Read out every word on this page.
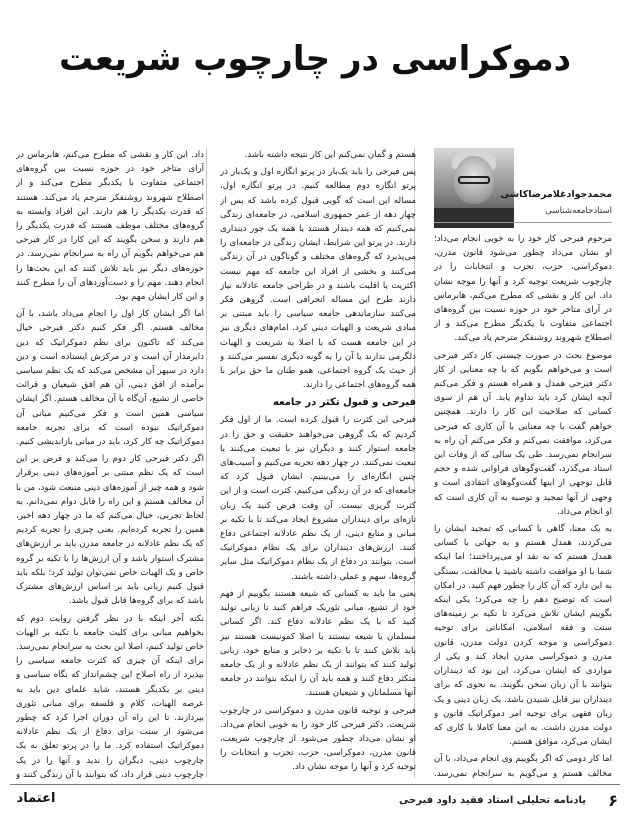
دموکراسی در چارچوب شریعت
محمدجوادغلامرضاکاشی
استادجامعه‌شناسی

مرحوم فیرحی کار خود را به خوبی انجام می‌داد؛ او نشان می‌داد چطور می‌شود قانون مدرن، دموکراسی، حزب، تحزب و انتخابات را در چارچوب شریعت توجیه کرد و آنها را موجه نشان داد. این کار و نقشی که مطرح می‌کنم، هابرماس در آرای متاخر خود در حوزه نسبت بین گروه‌های اجتماعی متفاوت با یکدیگر مطرح می‌کند و از اصطلاح شهروند روشنفکر مترجم یاد می‌کند.

موضوع بحث در صورت چیستی کار دکتر فیرحی است و می‌خواهم بگویم که با چه معنایی از کار دکتر فیرحی همدل و همراه هستم و فکر می‌کنم آنچه ایشان کرد باید تداوم یابد. آن هم از سوی کسانی که صلاحیت این کار را دارند. همچنین خواهم گفت با چه معنایی با آن کاری که فیرحی می‌کرد، موافقت نمی‌کنم و فکر می‌کنم آن راه به سرانجام نمی‌رسد. طی یک سالی که از وفات این استاد می‌گذرد، گفت‌وگوهای فراوانی شده و حجم قابل توجهی از اینها گفت‌وگوهای انتقادی است و وجهی از آنها تمجید و توصیه به آن کاری است که او انجام می‌داد.

به یک معنا، گاهی با کسانی که تمجید ایشان را می‌کردند، همدل هستم و به جهاتی با کسانی همدل هستم که به نقد او می‌پرداختند؛ اما اینکه شما با او موافقت داشته باشید یا مخالفت، بستگی به این دارد که آن کار را چطور فهم کنید. در امکان است که توضیح دهم را چه می‌کرد؛ یکی اینکه بگوییم ایشان تلاش می‌کرد تا تکیه بر زمینه‌های سنت و فقه اسلامی، امکاناتی برای توجیه دموکراسی و موجه کردن دولت مدرن، قانون مدرن و دموکراسی مدرن ایجاد کند و یکی از مواردی که ایشان می‌کرد، این بود که دینداران بتوانند با آن زبان سخن بگویند. به نحوی که برای دینداران نیز قابل شنیدن باشد. یک زبان دینی و یک زبان فقهی برای توجیه امر دموکراتیک قانون و دولت مدرن داشت. به این معنا کاملا با کاری که ایشان می‌کرد، موافق هستم.

اما کار دومی که اگر بگوییم وی انجام می‌داد، با آن مخالف هستم و می‌گویم به سرانجام نمی‌رسد.

هستم و گمان نمی‌کنم این کار نتیجه داشته باشد.

پس فیرحی را باید یک‌بار در پرتو انگاره اول و یک‌بار در پرتو انگاره دوم مطالعه کنیم. در پرتو انگاره اول، مساله این است که گویی قبول کرده باشد که پس از چهار دهه از عمر جمهوری اسلامی، در جامعه‌ای زندگی نمی‌کنیم که همه دیندار هستند یا همه یک جور دینداری دارند. در پرتو این شرایط، ایشان زندگی در جامعه‌ای را می‌پذیرد که گروه‌های مختلف و گوناگون در آن زندگی می‌کنند و بخشی از افراد این جامعه که مهم نیست اکثریت یا اقلیت باشند و در طراحی جامعه عادلانه نیاز دارند طرح این مساله انحرافی است. گروهی فکر می‌کنند سازماندهی جامعه سیاسی را باید مبتنی بر مبادی شریعت و الهیات دینی کرد. امام‌های دیگری نیز در این جامعه هست که با اصلا به شریعت و الهیات دلگرمی ندارند یا آن را به گونه دیگری تفسیر می‌کنند و از حیث یک گروه اجتماعی، همو طنان ما حق برابر با همه گروه‌های اجتماعی را دارند.

فیرحی و قبول تکثر در جامعه

فیرحی این کثرت را قبول کرده است. ما از اول فکر کردیم که یک گروهی می‌خواهند حقیقت و حق را در جامعه استوار کنند و دیگران نیز با تبعیت می‌کنند یا تبعیت نمی‌کنند. در چهار دهه تجربه می‌کنیم و آسیب‌های چنین انگاره‌ای را می‌بینیم. ایشان قبول کرد که جامعه‌ای که در آن زندگی می‌کنیم، کثرت است و از این کثرت گریزی نیست. آن وقت فرض کنید یک زبان تازه‌ای برای دینداران مشروع ایجاد می‌کند تا با تکیه بر مبانی و منابع دینی، از یک نظم عادلانه اجتماعی دفاع کنند. ارزش‌های دینداران برای یک نظام دموکراتیک است. بتوانند در دفاع از یک نظام دموکراتیک مثل سایر گروه‌ها، سهم و عملی داشته باشند.

یعنی ما باید به کسانی که شیعه هستند بگوییم از فهم خود از تشیع، مبانی تئوریک فراهم کنید تا زبانی تولید کنید که با یک نظم عادلانه دفاع کند. اگر کسانی مسلمان یا شیعه نیستند یا اصلا کمونیست هستند نیز باید تلاش کنند تا با تکیه بر ذخایر و منابع خود، زبانی تولید کنند که بتوانند از یک نظم عادلانه و از یک جامعه متکثر دفاع کنند و همه باید آن را اینکه بتوانند در جامعه آنها مسلمانان و شیعیان هستند.

فیرحی و توجیه قانون مدرن و دموکراسی در چارچوب شریعت. دکتر فیرحی کار خود را به خوبی انجام می‌داد. او نشان می‌داد چطور می‌شود از چارچوب شریعت، قانون مدرن، دموکراسی، حزب، تحزب و انتخابات را توجیه کرد و آنها را موجه نشان داد.

داد. این کار و نقشی که مطرح می‌کنم، هابرماس در آرای متاخر خود در حوزه نسبت بین گروه‌های اجتماعی متفاوت با یکدیگر مطرح می‌کند و از اصطلاح شهروند روشنفکر مترجم یاد می‌کند. هستند که قدرت یکدیگر را هم دارند. این افراد وابسته به گروه‌های مختلف موظف هستند که قدرت یکدیگر را هم دارند و سخن بگویند که این کارا در کار فیرحی هم می‌خواهم بگویم آن راه به سرانجام نمی‌رسد. در حوزه‌های دیگر نیز باید تلاش کنند که این بحث‌ها را انجام دهند. مهم را و دست‌آوردهای آن را مطرح کنند و این کار ایشان مهم بود.

اما اگر ایشان کار اول را انجام می‌داد باشد، با آن مخالف هستم. اگر فکر کنیم دکتر فیرحی خیال می‌کند که تاکنون برای نظم دموکراتیک که دین دایرمدار آن است و در مرکزش ایستاده است و دین دارد در سپهر آن مشخص می‌کند که یک نظم سیاسی برآمده از افق دینی، آن هم افق شیعیان و قرائت خاصی از تشیع، آن‌گاه با آن مخالف هستم. اگر ایشان سیاسی همین است و فکر می‌کنیم مبانی آن دموکراتیک نبوده است که برای تجربه جامعه دموکراتیک چه کار کرد، باید در مبانی بازاندیشی کنیم.

اگر دکتر فیرحی کار دوم را می‌کند و فرض بر این است که یک نظم مبتنی بر آموزه‌های دینی برقرار شود و همه چیز از آموزه‌های دینی منبعث شود، من با آن مخالف هستم و این راه را قابل دوام نمی‌دانم. به لحاظ تجربی، خیال می‌کنم که ما در چهار دهه اخیر، همین را تجربه کرده‌ایم. یعنی چیزی را تجربه کردیم که یک نظم عادلانه در جامعه مدرن باید بر ارزش‌های مشترک استوار باشد و آن ارزش‌ها را با تکیه بر گروه خاص و یک الهیات خاص نمی‌توان تولید کرد؛ بلکه باید قبول کنیم زبانی باید بر اساس ارزش‌های مشترک باشد که برای گروه‌ها قابل قبول باشد.

نکته آخر اینکه با در نظر گرفتن روایت دوم که بخواهیم مبانی برای کلیت جامعه با تکیه بر الهیات خاص تولید کنیم، اصلا این بحث به سرانجام نمی‌رسد. برای اینکه آن چیزی که کثرت جامعه سیاسی را بپذیرد از راه اصلاح این چشم‌انداز که نگاه سیاسی و دینی بر یکدیگر هستند، شاید علمای دین باید به عرصه الهیات، کلام و فلسفه برای مبانی تئوری بپردازند. تا این راه آن دوران اجرا کرد که چطور می‌شود از سنت برای دفاع از یک نظم عادلانه دموکراتیک استفاده کرد. ما را در پرتو تعلق به یک چارچوب دینی، دیگران را ندید و آنها را در یک چارچوب دینی قرار داد، که بتوانند با آن زندگی کنند و

۶
یادنامه تحلیلی استاد فقید داود فیرحی
اعتماد
